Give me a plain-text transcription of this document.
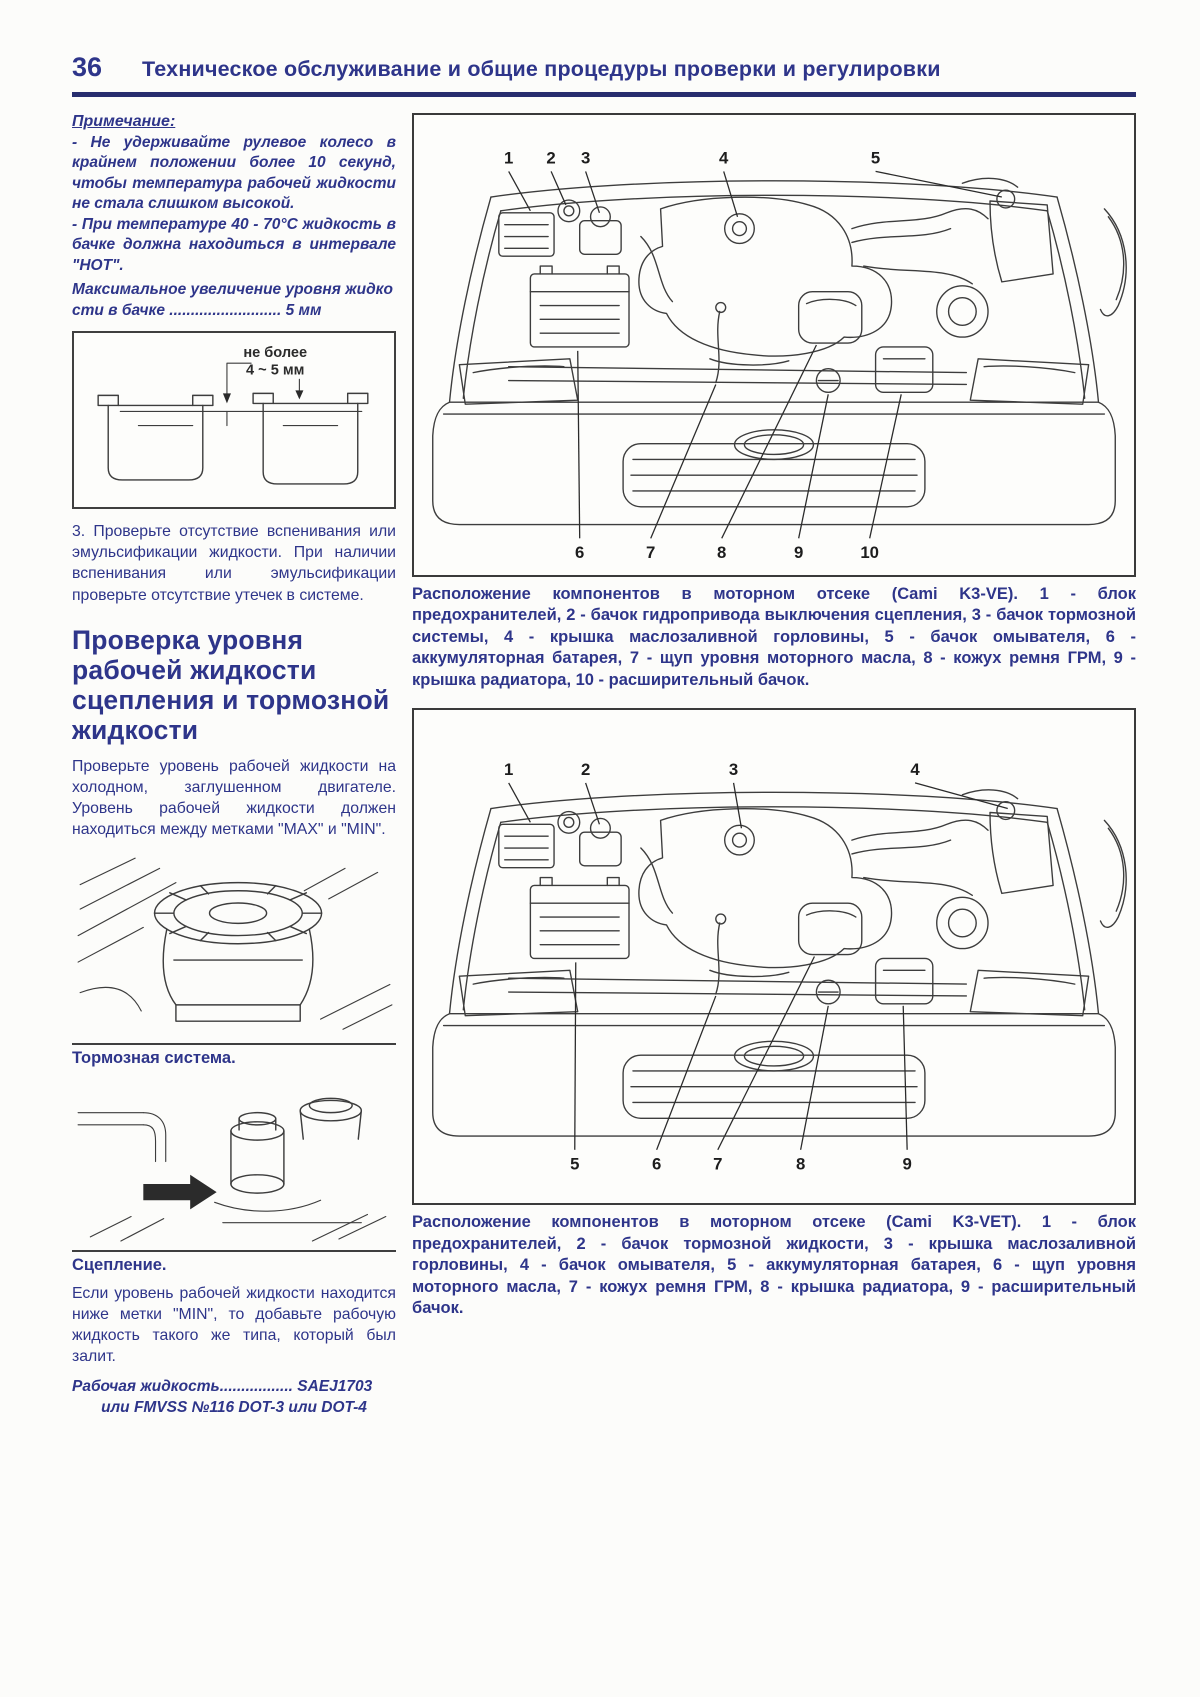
36 Техническое обслуживание и общие процедуры проверки и регулировки
Примечание:

- Не удерживайте рулевое колесо в крайнем положении более 10 секунд, чтобы температура рабочей жидкости не стала слишком высокой.

- При температуре 40 - 70°C жидкость в бачке должна находиться в интервале "HOT".

Максимальное увеличение уровня жидкости в бачке .......................... 5 мм

не более
4 ~ 5 мм

3. Проверьте отсутствие вспенивания или эмульсификации жидкости. При наличии вспенивания или эмульсификации проверьте отсутствие утечек в системе.

Проверка уровня рабочей жидкости сцепления и тормозной жидкости

Проверьте уровень рабочей жидкости на холодном, заглушенном двигателе. Уровень рабочей жидкости должен находиться между метками "MAX" и "MIN".

Тормозная система.
Сцепление.

Если уровень рабочей жидкости находится ниже метки "MIN", то добавьте рабочую жидкость такого же типа, который был залит.

Рабочая жидкость................. SAEJ1703
или FMVSS №116 DOT-3 или DOT-4
1 2 3	4	5
6	7	8	9	10

Расположение компонентов в моторном отсеке (Cami K3-VE). 1 - блок предохранителей, 2 - бачок гидропривода выключения сцепления, 3 - бачок тормозной системы, 4 - крышка маслозаливной горловины, 5 - бачок омывателя, 6 - аккумуляторная батарея, 7 - щуп уровня моторного масла, 8 - кожух ремня ГРМ, 9 - крышка радиатора, 10 - расширительный бачок.

1	2	3	4
5	6	7	8	9

Расположение компонентов в моторном отсеке (Cami K3-VET). 1 - блок предохранителей, 2 - бачок тормозной жидкости, 3 - крышка маслозаливной горловины, 4 - бачок омывателя, 5 - аккумуляторная батарея, 6 - щуп уровня моторного масла, 7 - кожух ремня ГРМ, 8 - крышка радиатора, 9 - расширительный бачок.
